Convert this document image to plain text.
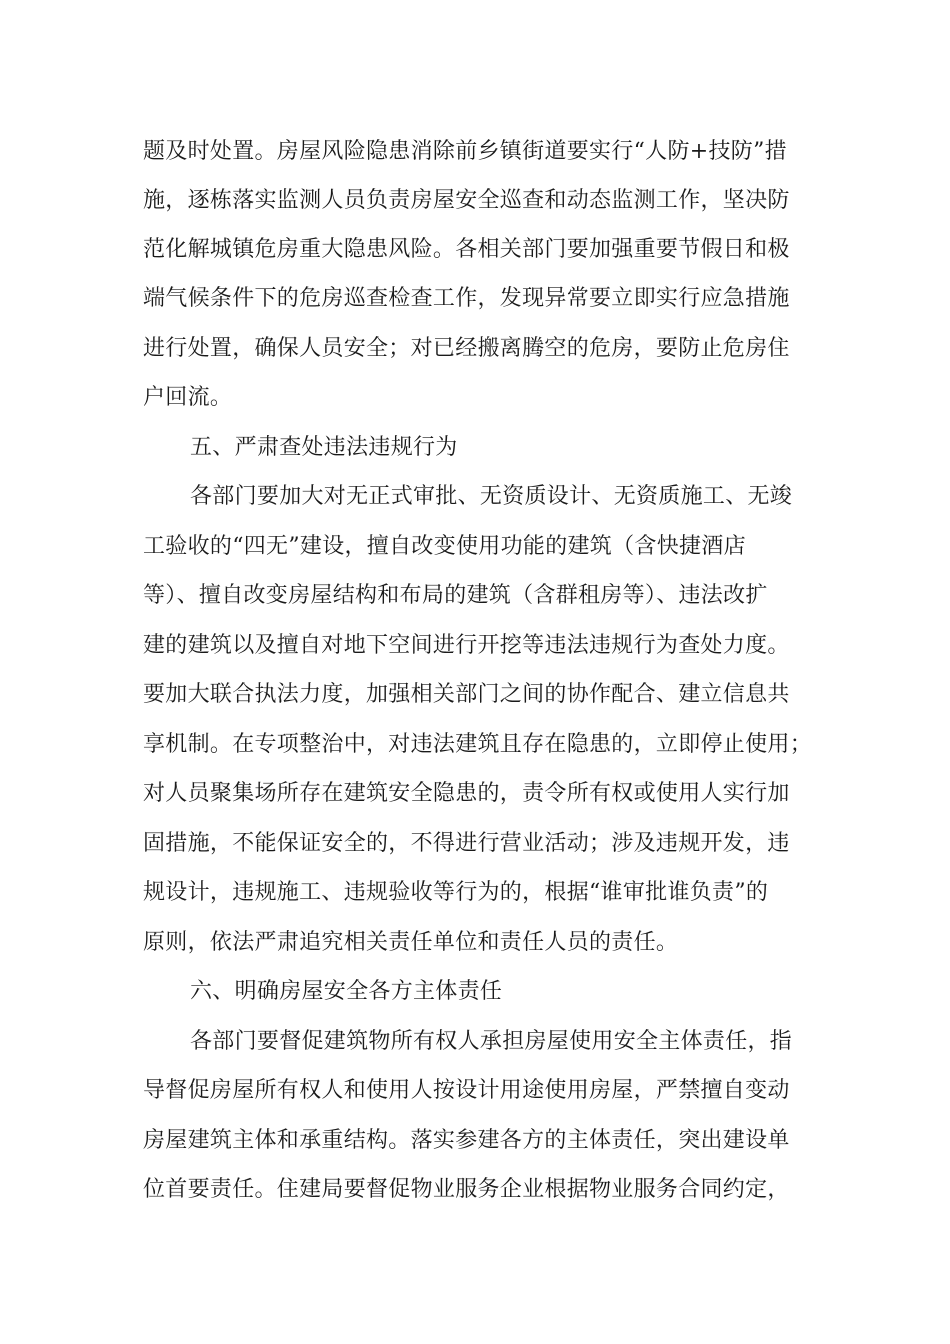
题及时处置。房屋风险隐患消除前乡镇街道要实行“人防+技防”措
施，逐栋落实监测人员负责房屋安全巡查和动态监测工作，坚决防
范化解城镇危房重大隐患风险。各相关部门要加强重要节假日和极
端气候条件下的危房巡查检查工作，发现异常要立即实行应急措施
进行处置，确保人员安全；对已经搬离腾空的危房，要防止危房住
户回流。
五、严肃查处违法违规行为
各部门要加大对无正式审批、无资质设计、无资质施工、无竣
工验收的“四无”建设，擅自改变使用功能的建筑（含快捷酒店
等）、擅自改变房屋结构和布局的建筑（含群租房等）、违法改扩
建的建筑以及擅自对地下空间进行开挖等违法违规行为查处力度。
要加大联合执法力度，加强相关部门之间的协作配合、建立信息共
享机制。在专项整治中，对违法建筑且存在隐患的，立即停止使用；
对人员聚集场所存在建筑安全隐患的，责令所有权或使用人实行加
固措施，不能保证安全的，不得进行营业活动；涉及违规开发，违
规设计，违规施工、违规验收等行为的，根据“谁审批谁负责”的
原则，依法严肃追究相关责任单位和责任人员的责任。
六、明确房屋安全各方主体责任
各部门要督促建筑物所有权人承担房屋使用安全主体责任，指
导督促房屋所有权人和使用人按设计用途使用房屋，严禁擅自变动
房屋建筑主体和承重结构。落实参建各方的主体责任，突出建设单
位首要责任。住建局要督促物业服务企业根据物业服务合同约定，
